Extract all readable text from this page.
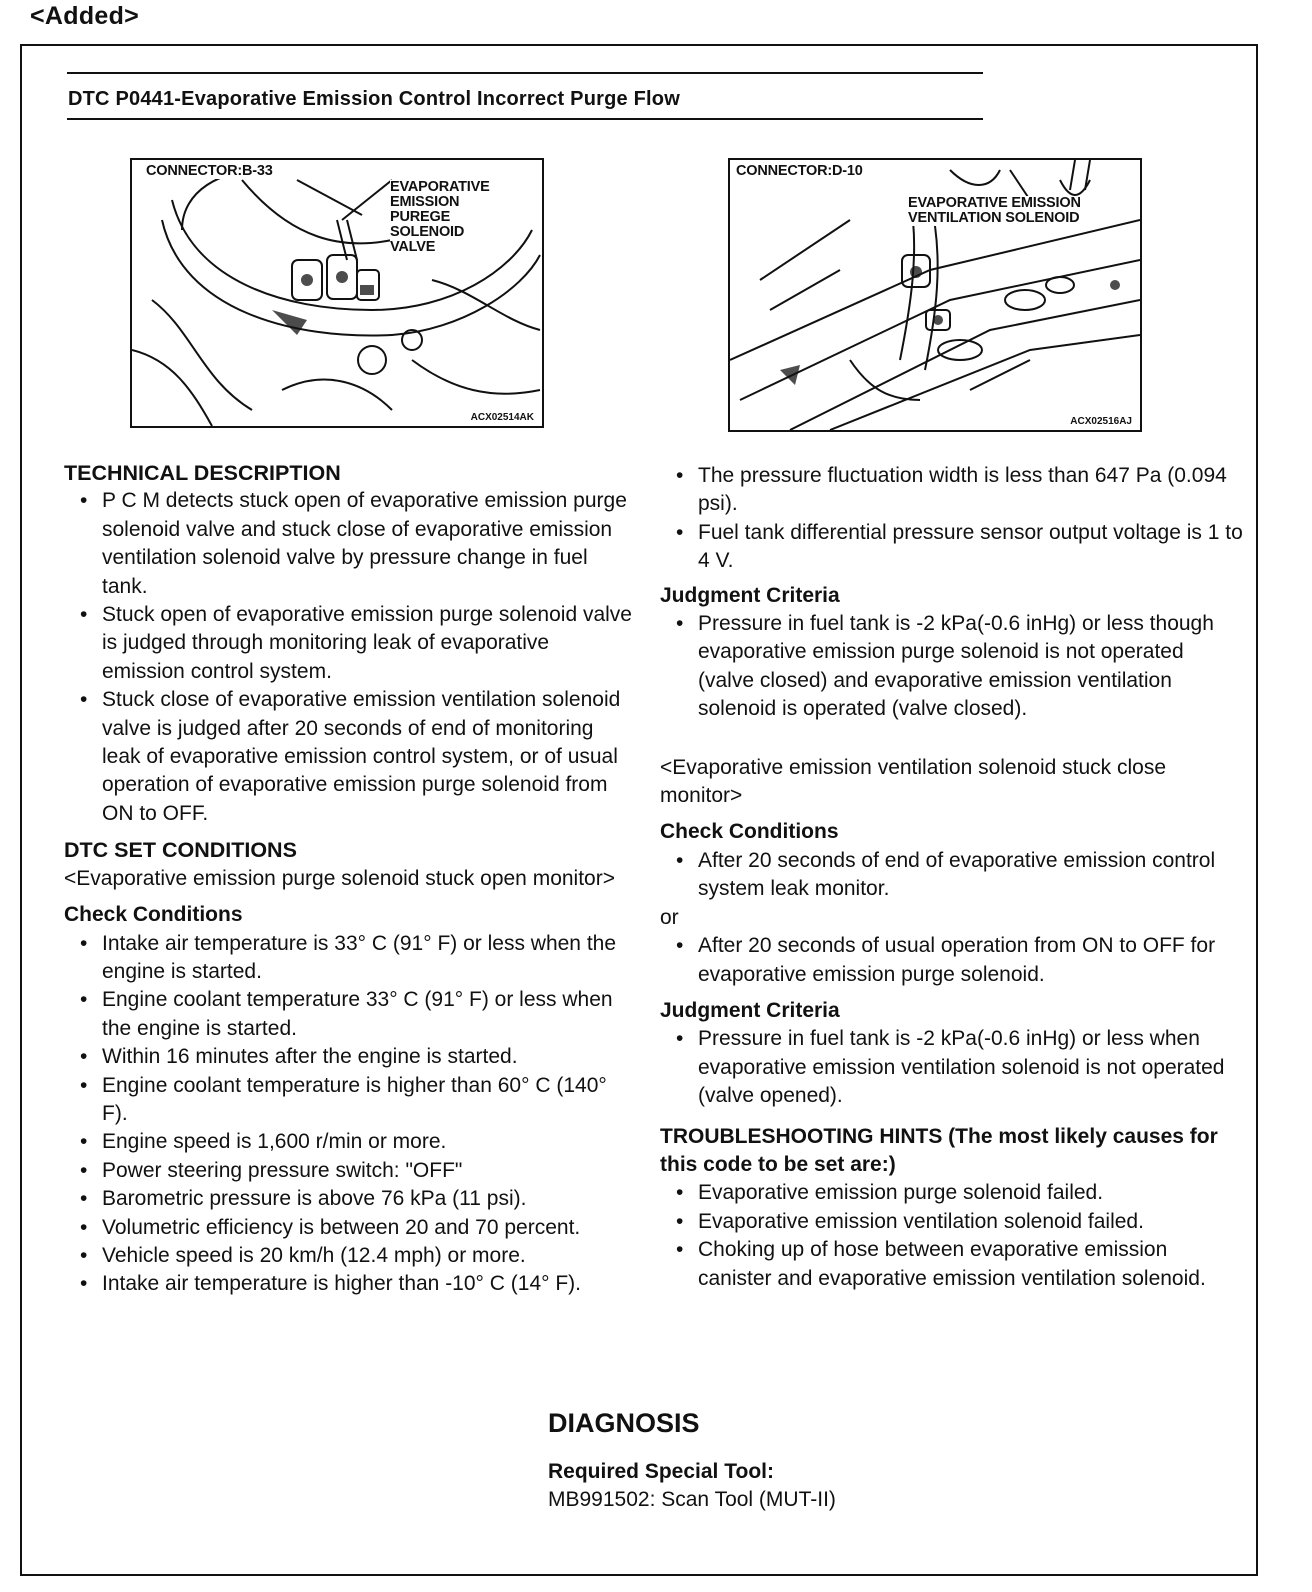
<Added>
DTC P0441-Evaporative Emission Control Incorrect Purge Flow
CONNECTOR:B-33
EVAPORATIVE
EMISSION
PUREGE
SOLENOID
VALVE
ACX02514AK
CONNECTOR:D-10
EVAPORATIVE EMISSION
VENTILATION SOLENOID
ACX02516AJ
TECHNICAL DESCRIPTION
• P C M detects stuck open of evaporative emission purge solenoid valve and stuck close of evaporative emission ventilation solenoid valve by pressure change in fuel tank.
• Stuck open of evaporative emission purge solenoid valve is judged through monitoring leak of evaporative emission control system.
• Stuck close of evaporative emission ventilation solenoid valve is judged after 20 seconds of end of monitoring leak of evaporative emission control system, or of usual operation of evaporative emission purge solenoid from ON to OFF.
DTC SET CONDITIONS
<Evaporative emission purge solenoid stuck open monitor>
Check Conditions
• Intake air temperature is 33° C (91° F) or less when the engine is started.
• Engine coolant temperature 33° C (91° F) or less when the engine is started.
• Within 16 minutes after the engine is started.
• Engine coolant temperature is higher than 60° C (140° F).
• Engine speed is 1,600 r/min or more.
• Power steering pressure switch: "OFF"
• Barometric pressure is above 76 kPa (11 psi).
• Volumetric efficiency is between 20 and 70 percent.
• Vehicle speed is 20 km/h (12.4 mph) or more.
• Intake air temperature is higher than -10° C (14° F).
• The pressure fluctuation width is less than 647 Pa (0.094 psi).
• Fuel tank differential pressure sensor output voltage is 1 to 4 V.
Judgment Criteria
• Pressure in fuel tank is -2 kPa(-0.6 inHg) or less though evaporative emission purge solenoid is not operated (valve closed) and evaporative emission ventilation solenoid is operated (valve closed).
<Evaporative emission ventilation solenoid stuck close monitor>
Check Conditions
• After 20 seconds of end of evaporative emission control system leak monitor.
or
• After 20 seconds of usual operation from ON to OFF for evaporative emission purge solenoid.
Judgment Criteria
• Pressure in fuel tank is -2 kPa(-0.6 inHg) or less when evaporative emission ventilation solenoid is not operated (valve opened).
TROUBLESHOOTING HINTS (The most likely causes for this code to be set are:)
• Evaporative emission purge solenoid failed.
• Evaporative emission ventilation solenoid failed.
• Choking up of hose between evaporative emission canister and evaporative emission ventilation solenoid.
DIAGNOSIS
Required Special Tool:
MB991502: Scan Tool (MUT-II)
